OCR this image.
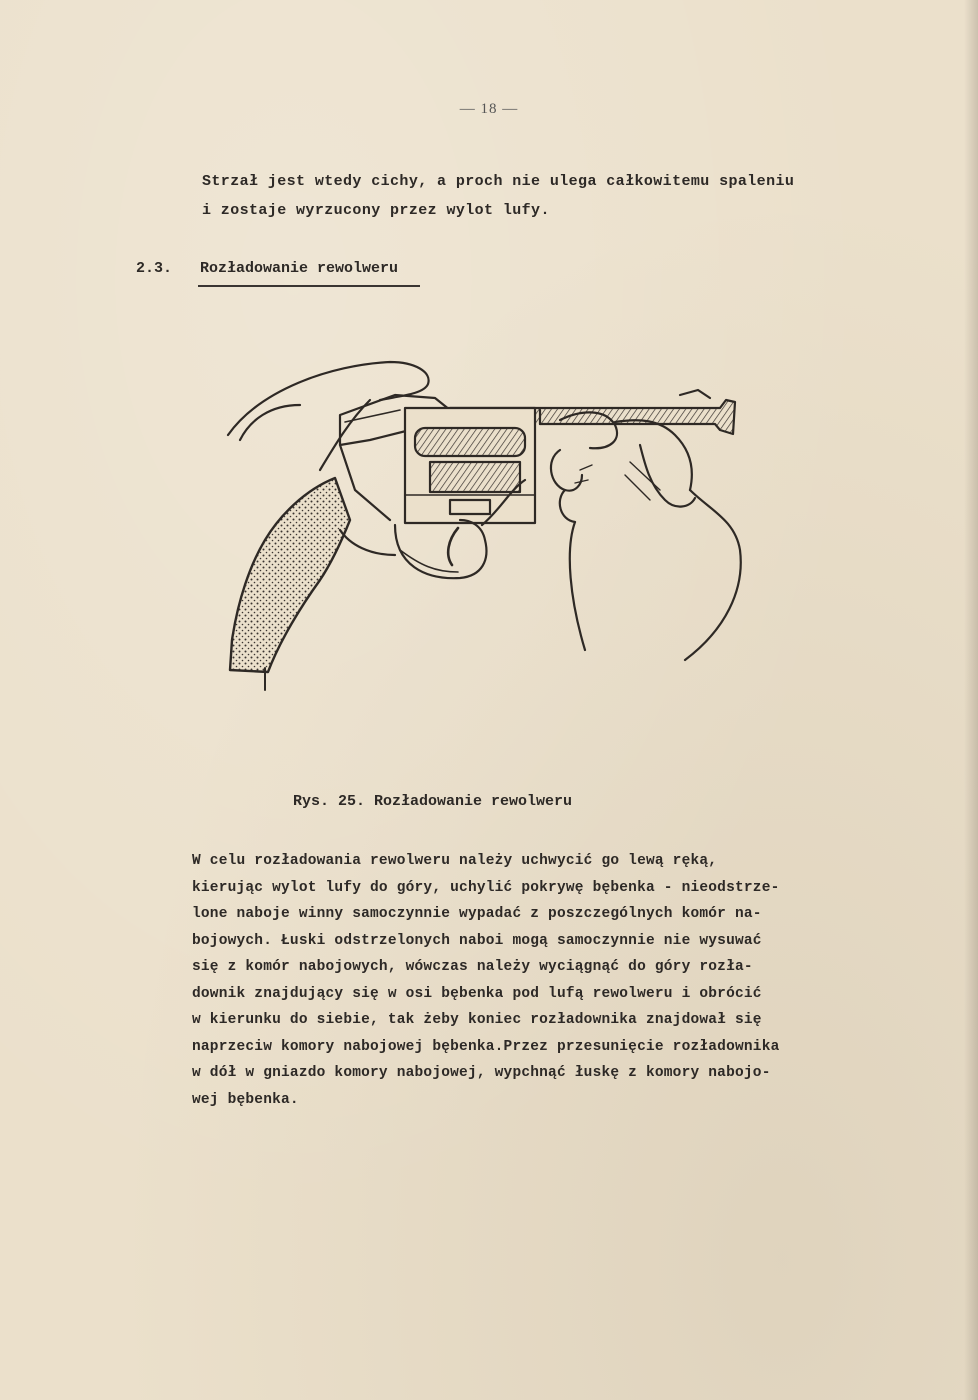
— 18 —
Strzał jest wtedy cichy, a proch nie ulega całkowitemu spaleniu
i zostaje wyrzucony przez wylot lufy.
2.3. Rozładowanie rewolweru
Rys. 25. Rozładowanie rewolweru
W celu rozładowania rewolweru należy uchwycić go lewą ręką,
kierując wylot lufy do góry, uchylić pokrywę bębenka - nieodstrze-
lone naboje winny samoczynnie wypadać z poszczególnych komór na-
bojowych. Łuski odstrzelonych naboi mogą samoczynnie nie wysuwać
się z komór nabojowych, wówczas należy wyciągnąć do góry rozła-
downik znajdujący się w osi bębenka pod lufą rewolweru i obrócić
w kierunku do siebie, tak żeby koniec rozładownika znajdował się
naprzeciw komory nabojowej bębenka.Przez przesunięcie rozładownika
w dół w gniazdo komory nabojowej, wypchnąć łuskę z komory nabojo-
wej bębenka.
